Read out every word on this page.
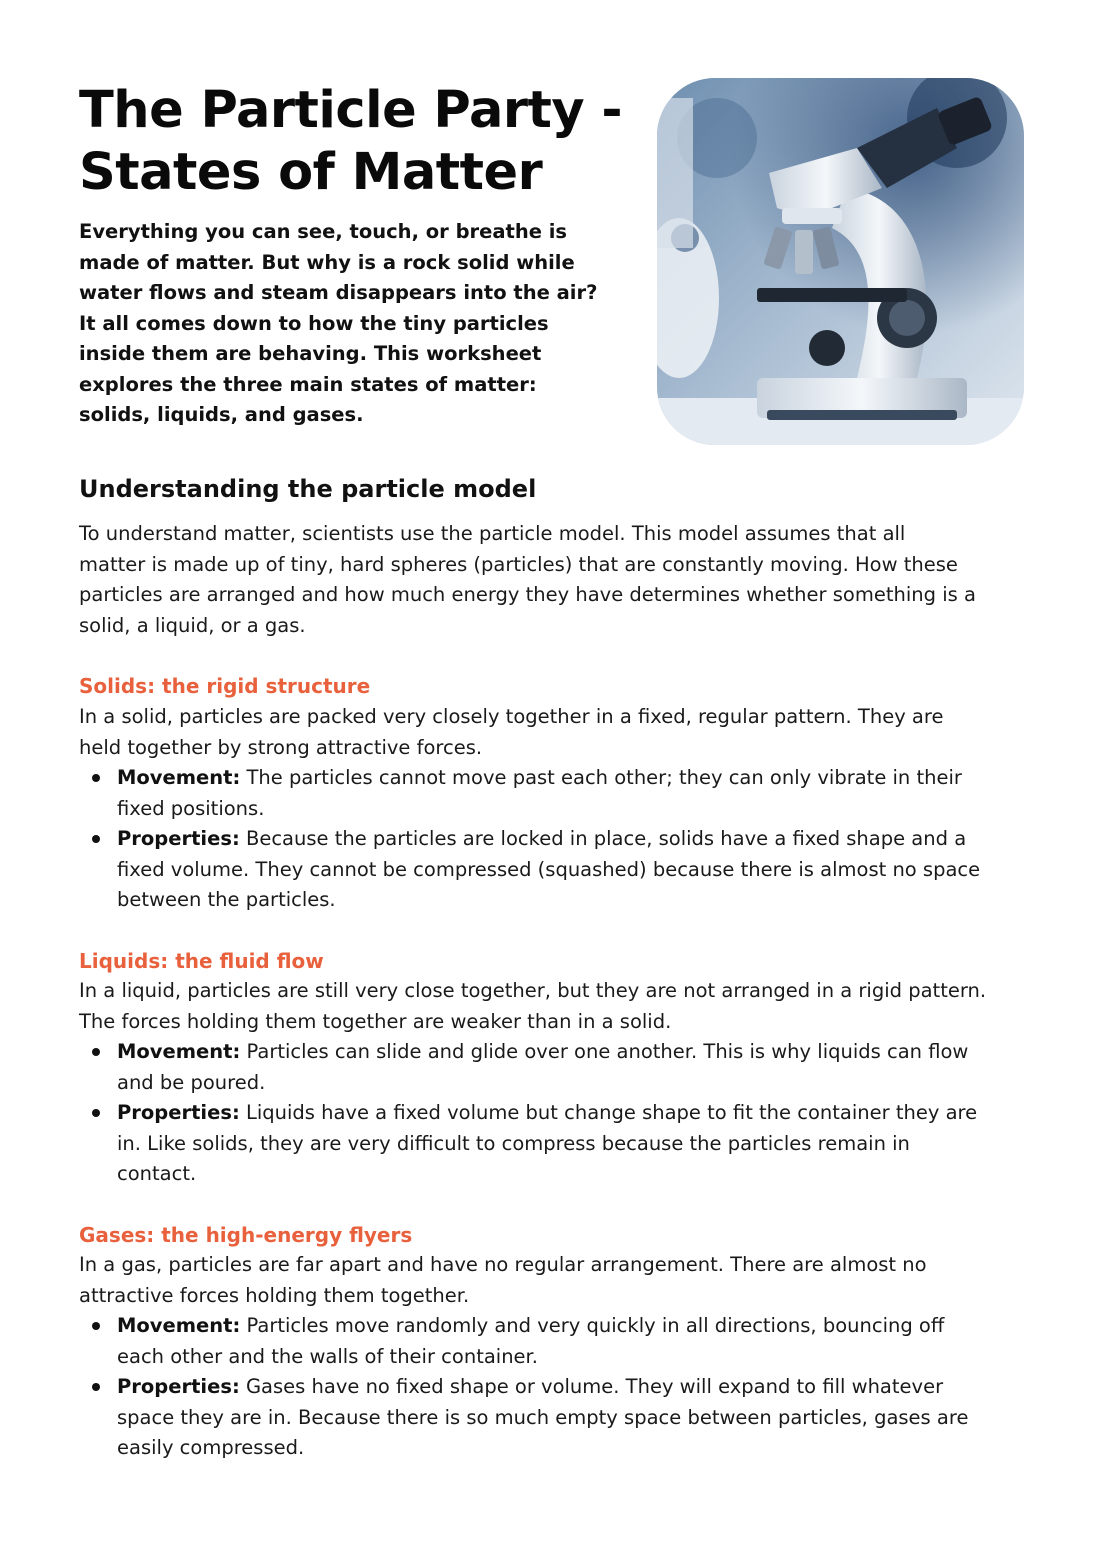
The Particle Party -
States of Matter
Everything you can see, touch, or breathe is
made of matter. But why is a rock solid while
water flows and steam disappears into the air?
It all comes down to how the tiny particles
inside them are behaving. This worksheet
explores the three main states of matter:
solids, liquids, and gases.
Understanding the particle model

To understand matter, scientists use the particle model. This model assumes that all
matter is made up of tiny, hard spheres (particles) that are constantly moving. How these
particles are arranged and how much energy they have determines whether something is a
solid, a liquid, or a gas.

Solids: the rigid structure

In a solid, particles are packed very closely together in a fixed, regular pattern. They are
held together by strong attractive forces.

Movement: The particles cannot move past each other; they can only vibrate in their
fixed positions.
Properties: Because the particles are locked in place, solids have a fixed shape and a
fixed volume. They cannot be compressed (squashed) because there is almost no space
between the particles.
Liquids: the fluid flow

In a liquid, particles are still very close together, but they are not arranged in a rigid pattern.
The forces holding them together are weaker than in a solid.

Movement: Particles can slide and glide over one another. This is why liquids can flow
and be poured.
Properties: Liquids have a fixed volume but change shape to fit the container they are
in. Like solids, they are very difficult to compress because the particles remain in
contact.
Gases: the high-energy flyers

In a gas, particles are far apart and have no regular arrangement. There are almost no
attractive forces holding them together.

Movement: Particles move randomly and very quickly in all directions, bouncing off
each other and the walls of their container.
Properties: Gases have no fixed shape or volume. They will expand to fill whatever
space they are in. Because there is so much empty space between particles, gases are
easily compressed.
